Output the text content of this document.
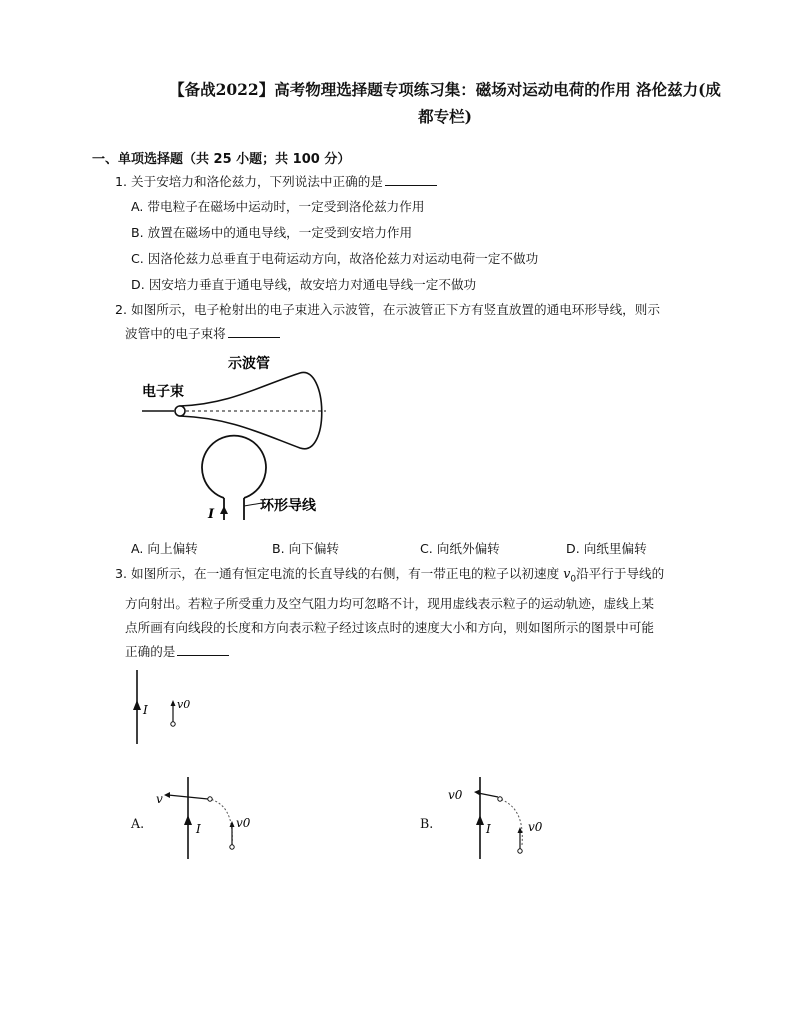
【备战2022】高考物理选择题专项练习集：磁场对运动电荷的作用 洛伦兹力(成
都专栏)
一、单项选择题（共 25 小题；共 100 分）
1. 关于安培力和洛伦兹力，下列说法中正确的是
A. 带电粒子在磁场中运动时，一定受到洛伦兹力作用
B. 放置在磁场中的通电导线，一定受到安培力作用
C. 因洛伦兹力总垂直于电荷运动方向，故洛伦兹力对运动电荷一定不做功
D. 因安培力垂直于通电导线，故安培力对通电导线一定不做功
2. 如图所示，电子枪射出的电子束进入示波管，在示波管正下方有竖直放置的通电环形导线，则示
波管中的电子束将
示波管
电子束
I
环形导线
A. 向上偏转	B. 向下偏转	C. 向纸外偏转	D. 向纸里偏转
3. 如图所示，在一通有恒定电流的长直导线的右侧，有一带正电的粒子以初速度 $v_0$沿平行于导线的
方向射出。若粒子所受重力及空气阻力均可忽略不计，现用虚线表示粒子的运动轨迹，虚线上某
点所画有向线段的长度和方向表示粒子经过该点时的速度大小和方向，则如图所示的图景中可能
正确的是
I	v0
A.	I
v
v0	B.	I
v0
v0
